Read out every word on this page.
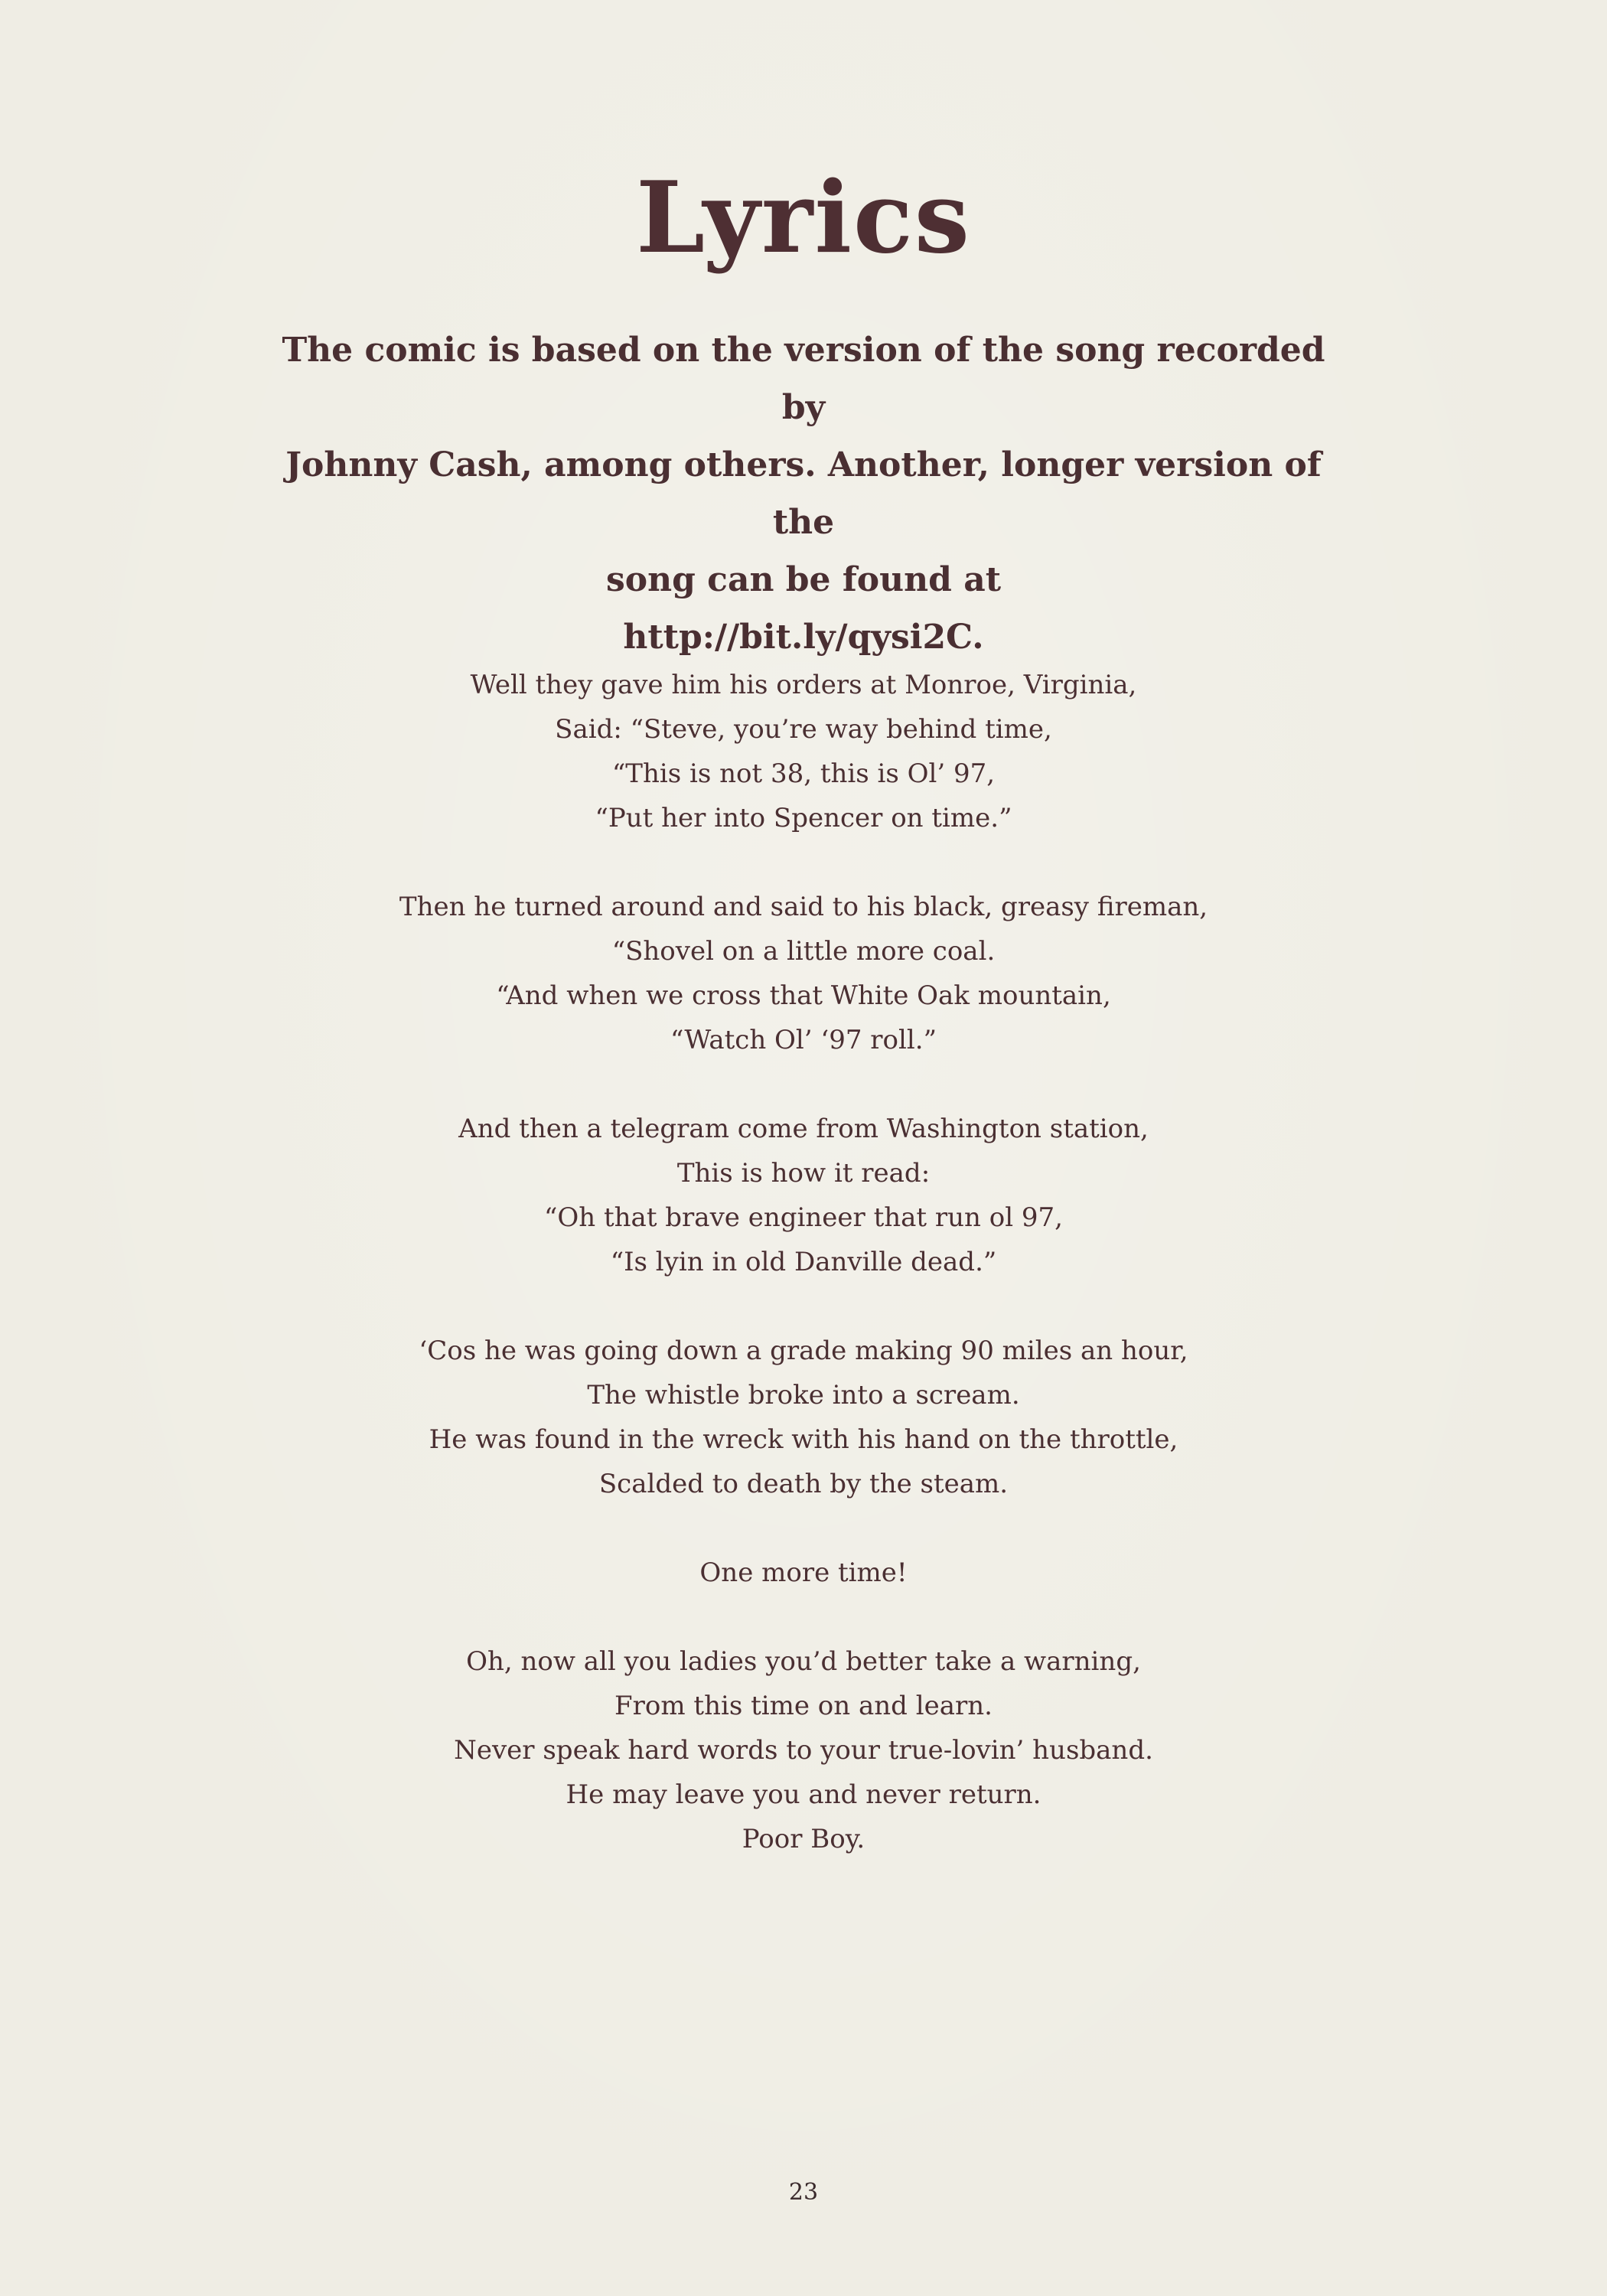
Lyrics

The comic is based on the version of the song recorded by

Johnny Cash, among others. Another, longer version of the

song can be found at

http://bit.ly/qysi2C.

Well they gave him his orders at Monroe, Virginia,
Said: “Steve, you’re way behind time,
“This is not 38, this is Ol’ 97,
“Put her into Spencer on time.”
Then he turned around and said to his black, greasy fireman,
“Shovel on a little more coal.
“And when we cross that White Oak mountain,
“Watch Ol’ ‘97 roll.”
And then a telegram come from Washington station,
This is how it read:
“Oh that brave engineer that run ol 97,
“Is lyin in old Danville dead.”
‘Cos he was going down a grade making 90 miles an hour,
The whistle broke into a scream.
He was found in the wreck with his hand on the throttle,
Scalded to death by the steam.
One more time!
Oh, now all you ladies you’d better take a warning,
From this time on and learn.
Never speak hard words to your true-lovin’ husband.
He may leave you and never return.
Poor Boy.
23
